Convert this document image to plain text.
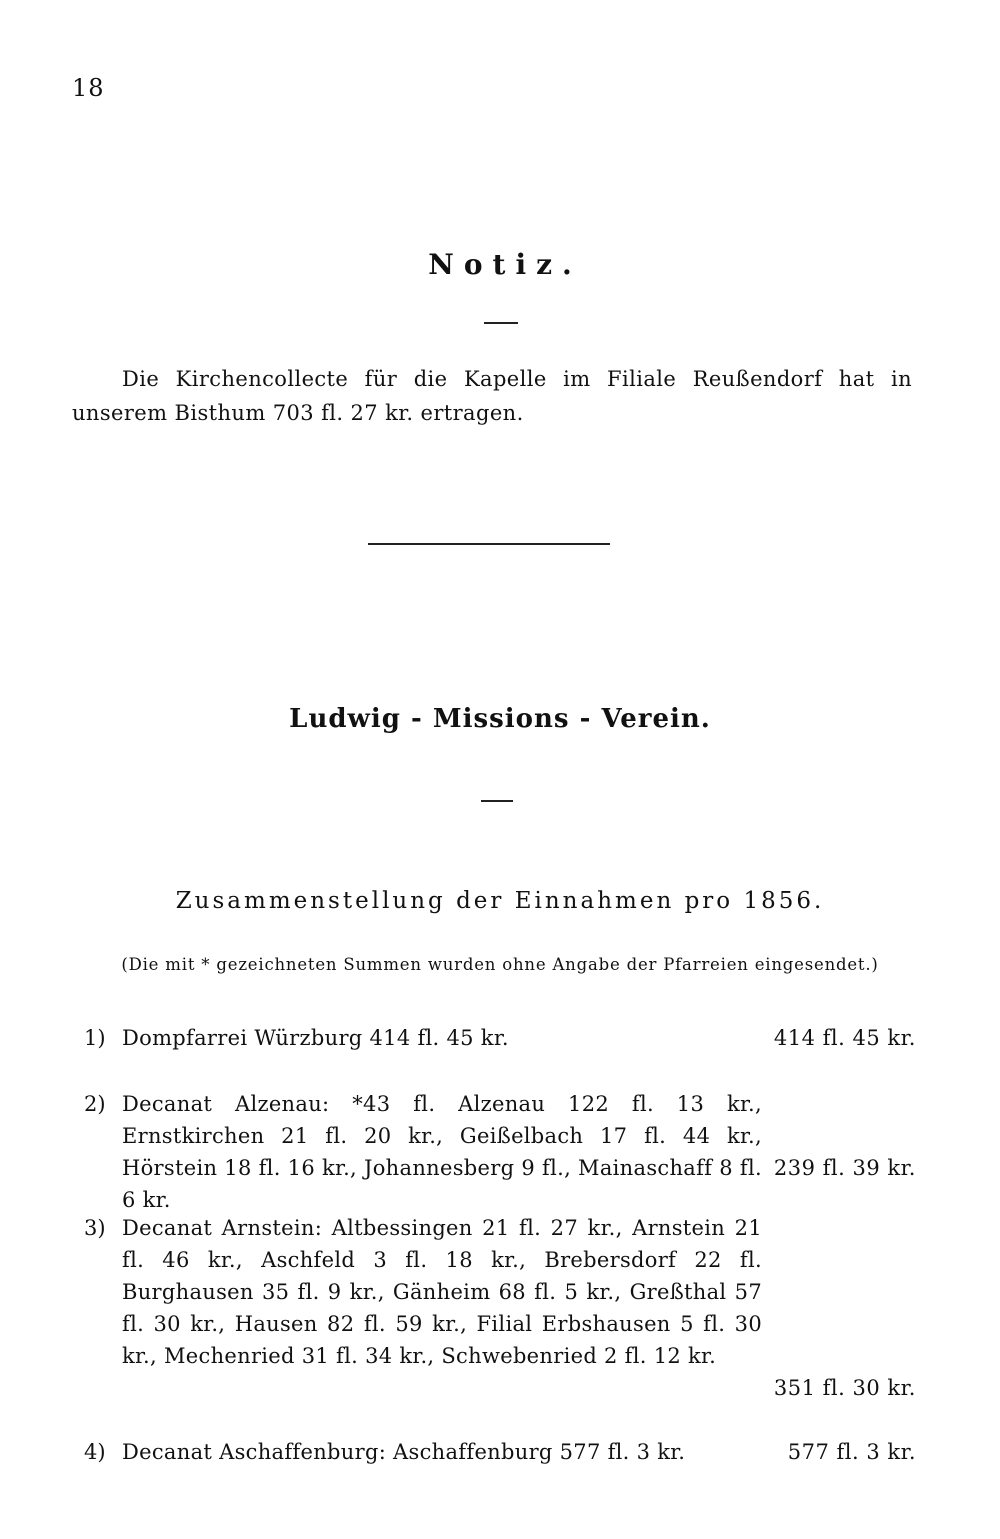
18
Notiz.
Die Kirchencollecte für die Kapelle im Filiale Reußendorf hat in unserem Bisthum 703 fl. 27 kr. ertragen.
Ludwig - Missions - Verein.
Zusammenstellung der Einnahmen pro 1856.
(Die mit * gezeichneten Summen wurden ohne Angabe der Pfarreien eingesendet.)
1) Dompfarrei Würzburg 414 fl. 45 kr.	414 fl. 45 kr.
2) Decanat Alzenau: *43 fl. Alzenau 122 fl. 13 kr., Ernstkirchen 21 fl. 20 kr., Geißelbach 17 fl. 44 kr., Hörstein 18 fl. 16 kr., Johannesberg 9 fl., Mainaschaff 8 fl. 6 kr.
239 fl. 39 kr.
3) Decanat Arnstein: Altbessingen 21 fl. 27 kr., Arnstein 21 fl. 46 kr., Aschfeld 3 fl. 18 kr., Brebersdorf 22 fl. Burghausen 35 fl. 9 kr., Gänheim 68 fl. 5 kr., Greßthal 57 fl. 30 kr., Hausen 82 fl. 59 kr., Filial Erbshausen 5 fl. 30 kr., Mechenried 31 fl. 34 kr., Schwebenried 2 fl. 12 kr.
351 fl. 30 kr.
4) Decanat Aschaffenburg: Aschaffenburg 577 fl. 3 kr.	577 fl. 3 kr.
